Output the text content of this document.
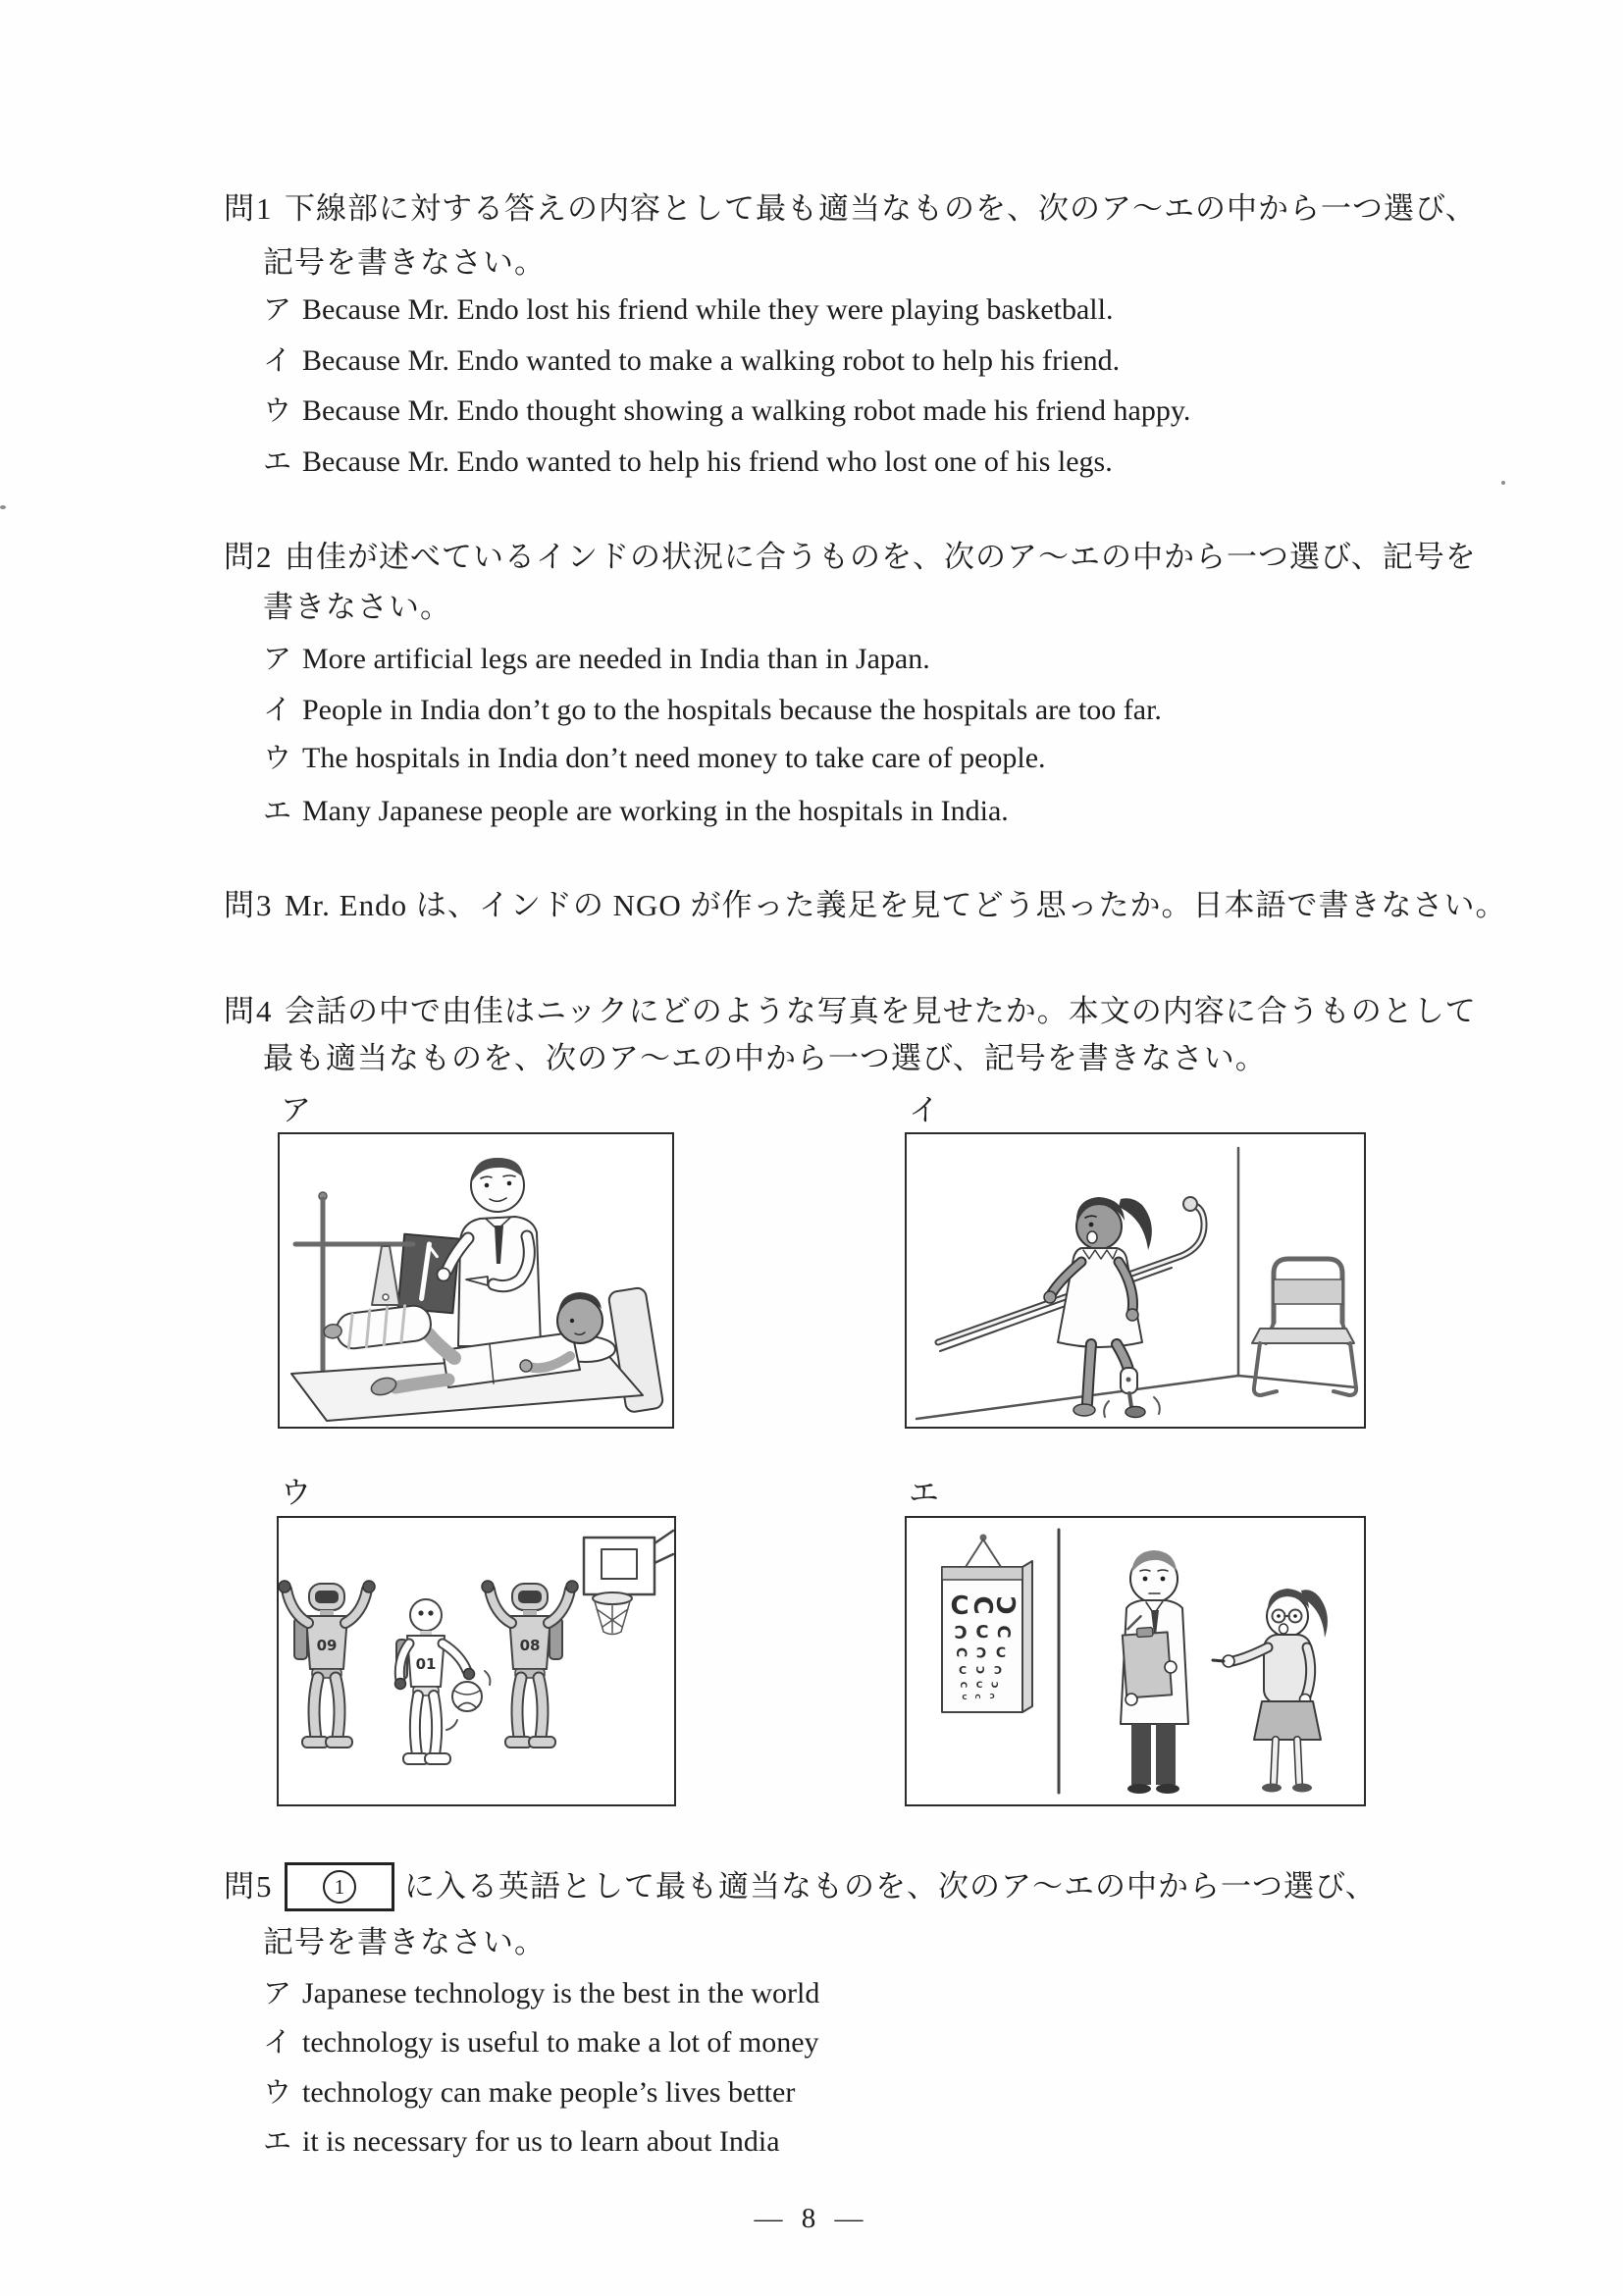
問1 下線部に対する答えの内容として最も適当なものを、次のア〜エの中から一つ選び、
記号を書きなさい。
ア Because Mr. Endo lost his friend while they were playing basketball.
イ Because Mr. Endo wanted to make a walking robot to help his friend.
ウ Because Mr. Endo thought showing a walking robot made his friend happy.
エ Because Mr. Endo wanted to help his friend who lost one of his legs.
問2 由佳が述べているインドの状況に合うものを、次のア〜エの中から一つ選び、記号を
書きなさい。
ア More artificial legs are needed in India than in Japan.
イ People in India don’t go to the hospitals because the hospitals are too far.
ウ The hospitals in India don’t need money to take care of people.
エ Many Japanese people are working in the hospitals in India.
問3 Mr. Endo は、インドの NGO が作った義足を見てどう思ったか。日本語で書きなさい。
問4 会話の中で由佳はニックにどのような写真を見せたか。本文の内容に合うものとして
最も適当なものを、次のア〜エの中から一つ選び、記号を書きなさい。
ア	イ
ウ	エ
09
01
08
C
C
C
C C C
C C C
C C C
C C C
C C C
問5	1	に入る英語として最も適当なものを、次のア〜エの中から一つ選び、
記号を書きなさい。
ア Japanese technology is the best in the world
イ technology is useful to make a lot of money
ウ technology can make people’s lives better
エ it is necessary for us to learn about India
— 8 —
